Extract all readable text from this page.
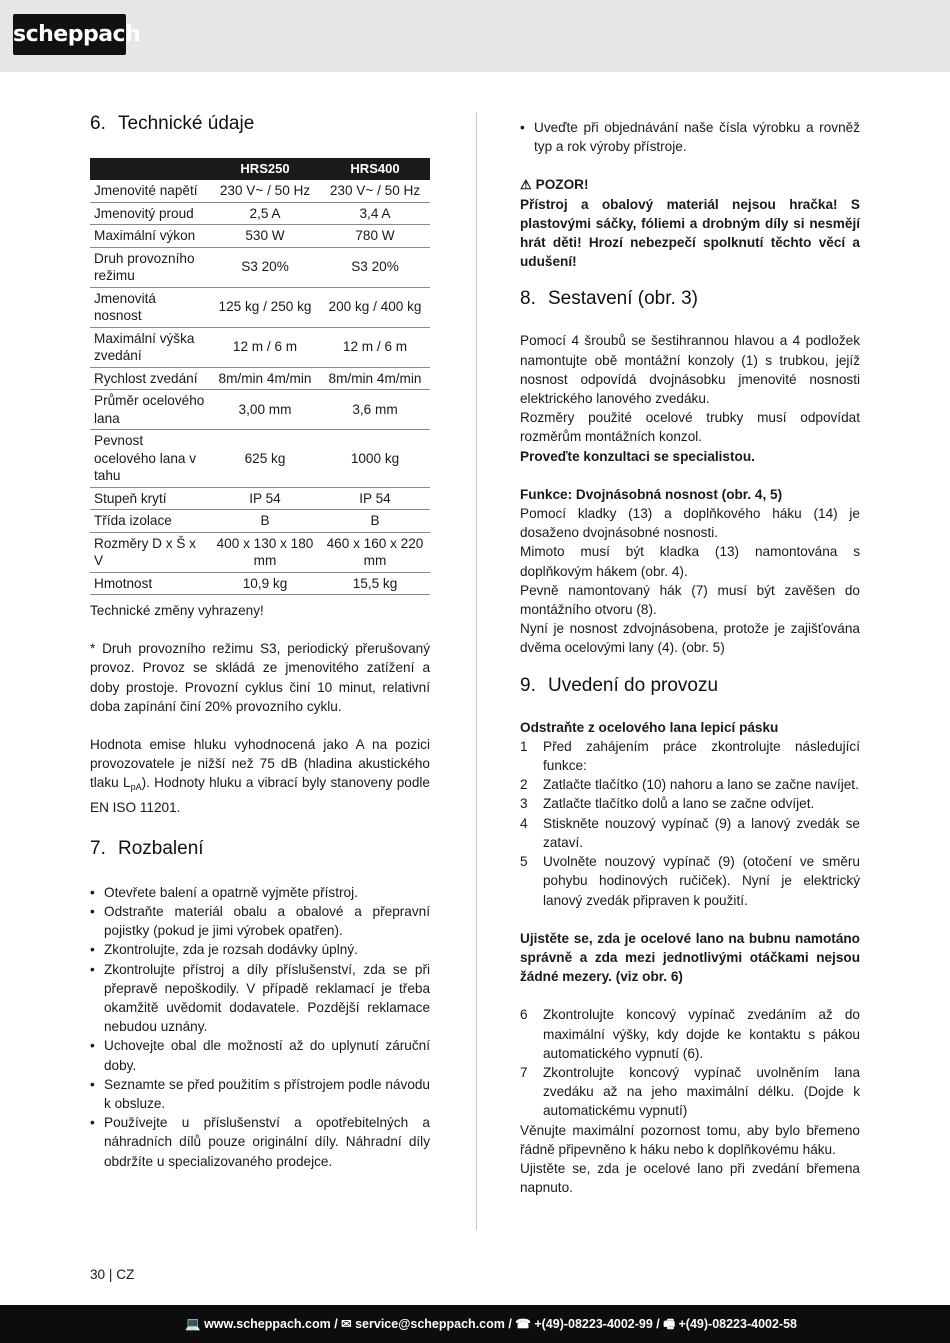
scheppach
6. Technické údaje
	HRS250	HRS400
Jmenovité napětí	230 V~ / 50 Hz	230 V~ / 50 Hz
Jmenovitý proud	2,5 A	3,4 A
Maximální výkon	530 W	780 W
Druh provozního režimu	S3 20%	S3 20%
Jmenovitá nosnost	125 kg / 250 kg	200 kg / 400 kg
Maximální výška zvedání	12 m / 6 m	12 m / 6 m
Rychlost zvedání	8m/min 4m/min	8m/min 4m/min
Průměr ocelového lana	3,00 mm	3,6 mm
Pevnost ocelového lana v tahu	625 kg	1000 kg
Stupeň krytí	IP 54	IP 54
Třída izolace	B	B
Rozměry D x Š x V	400 x 130 x 180 mm	460 x 160 x 220 mm
Hmotnost	10,9 kg	15,5 kg

Technické změny vyhrazeny!

* Druh provozního režimu S3, periodický přerušovaný provoz. Provoz se skládá ze jmenovitého zatížení a doby prostoje. Provozní cyklus činí 10 minut, relativní doba zapínání činí 20% provozního cyklu.

Hodnota emise hluku vyhodnocená jako A na pozici provozovatele je nižší než 75 dB (hladina akustického tlaku $L_{pA}$). Hodnoty hluku a vibrací byly stanoveny podle EN ISO 11201.

7. Rozbalení
• Otevřete balení a opatrně vyjměte přístroj.
• Odstraňte materiál obalu a obalové a přepravní pojistky (pokud je jimi výrobek opatřen).
• Zkontrolujte, zda je rozsah dodávky úplný.
• Zkontrolujte přístroj a díly příslušenství, zda se při přepravě nepoškodily. V případě reklamací je třeba okamžitě uvědomit dodavatele. Pozdější reklamace nebudou uznány.
• Uchovejte obal dle možností až do uplynutí záruční doby.
• Seznamte se před použitím s přístrojem podle návodu k obsluze.
• Používejte u příslušenství a opotřebitelných a náhradních dílů pouze originální díly. Náhradní díly obdržíte u specializovaného prodejce.
• Uveďte při objednávání naše čísla výrobku a rovněž typ a rok výroby přístroje.
⚠ POZOR!

Přístroj a obalový materiál nejsou hračka! S plastovými sáčky, fóliemi a drobným díly si nesmějí hrát děti! Hrozí nebezpečí spolknutí těchto věcí a udušení!

8. Sestavení (obr. 3)

Pomocí 4 šroubů se šestihrannou hlavou a 4 podložek namontujte obě montážní konzoly (1) s trubkou, jejíž nosnost odpovídá dvojnásobku jmenovité nosnosti elektrického lanového zvedáku.

Rozměry použité ocelové trubky musí odpovídat rozměrům montážních konzol.

Proveďte konzultaci se specialistou.

Funkce: Dvojnásobná nosnost (obr. 4, 5)

Pomocí kladky (13) a doplňkového háku (14) je dosaženo dvojnásobné nosnosti.

Mimoto musí být kladka (13) namontována s doplňkovým hákem (obr. 4).

Pevně namontovaný hák (7) musí být zavěšen do montážního otvoru (8).

Nyní je nosnost zdvojnásobena, protože je zajišťována dvěma ocelovými lany (4). (obr. 5)

9. Uvedení do provozu

Odstraňte z ocelového lana lepicí pásku

1 Před zahájením práce zkontrolujte následující funkce:
2 Zatlačte tlačítko (10) nahoru a lano se začne navíjet.
3 Zatlačte tlačítko dolů a lano se začne odvíjet.
4 Stiskněte nouzový vypínač (9) a lanový zvedák se zataví.
5 Uvolněte nouzový vypínač (9) (otočení ve směru pohybu hodinových ručiček). Nyní je elektrický lanový zvedák připraven k použití.

Ujistěte se, zda je ocelové lano na bubnu namotáno správně a zda mezi jednotlivými otáčkami nejsou žádné mezery. (viz obr. 6)

6 Zkontrolujte koncový vypínač zvedáním až do maximální výšky, kdy dojde ke kontaktu s pákou automatického vypnutí (6).
7 Zkontrolujte koncový vypínač uvolněním lana zvedáku až na jeho maximální délku. (Dojde k automatickému vypnutí)

Věnujte maximální pozornost tomu, aby bylo břemeno řádně připevněno k háku nebo k doplňkovému háku.

Ujistěte se, zda je ocelové lano při zvedání břemena napnuto.

30 | CZ
💻 www.scheppach.com / ✉ service@scheppach.com / ☎ +(49)-08223-4002-99 / 🖷 +(49)-08223-4002-58
